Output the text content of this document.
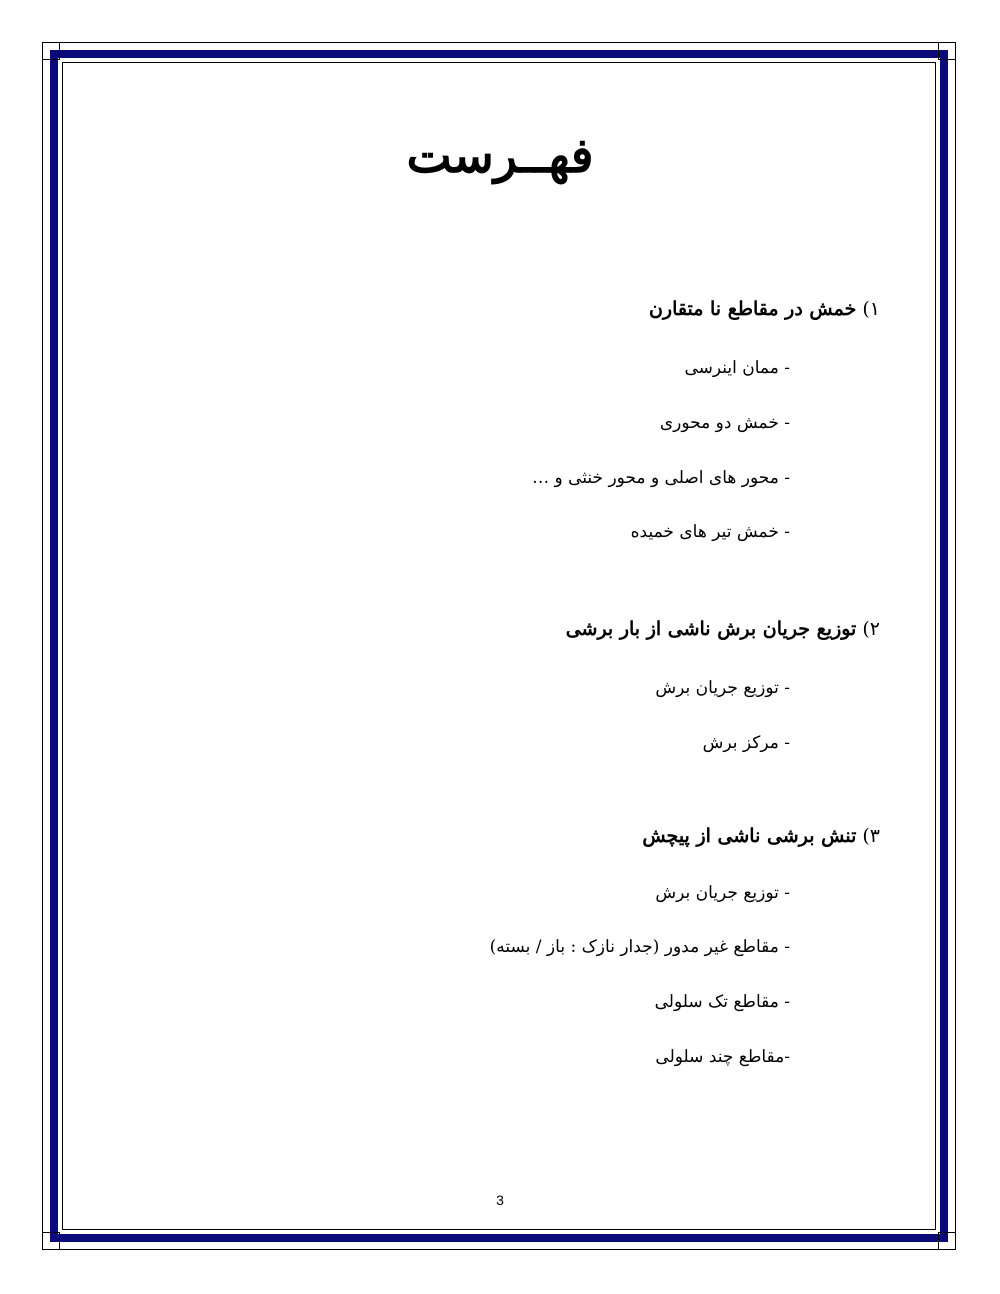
فهــرست
۱)خمش در مقاطع نا متقارن
- ممان اینرسی
- خمش دو محوری
- محور های اصلی و محور خنثی و …
- خمش تیر های خمیده
۲)توزیع جریان برش ناشی از بار برشی
- توزیع جریان برش
- مرکز برش
۳)تنش برشی ناشی از پیچش
- توزیع جریان برش
- مقاطع غیر مدور (جدار نازک : باز / بسته)
- مقاطع تک سلولی
-مقاطع چند سلولی
3
